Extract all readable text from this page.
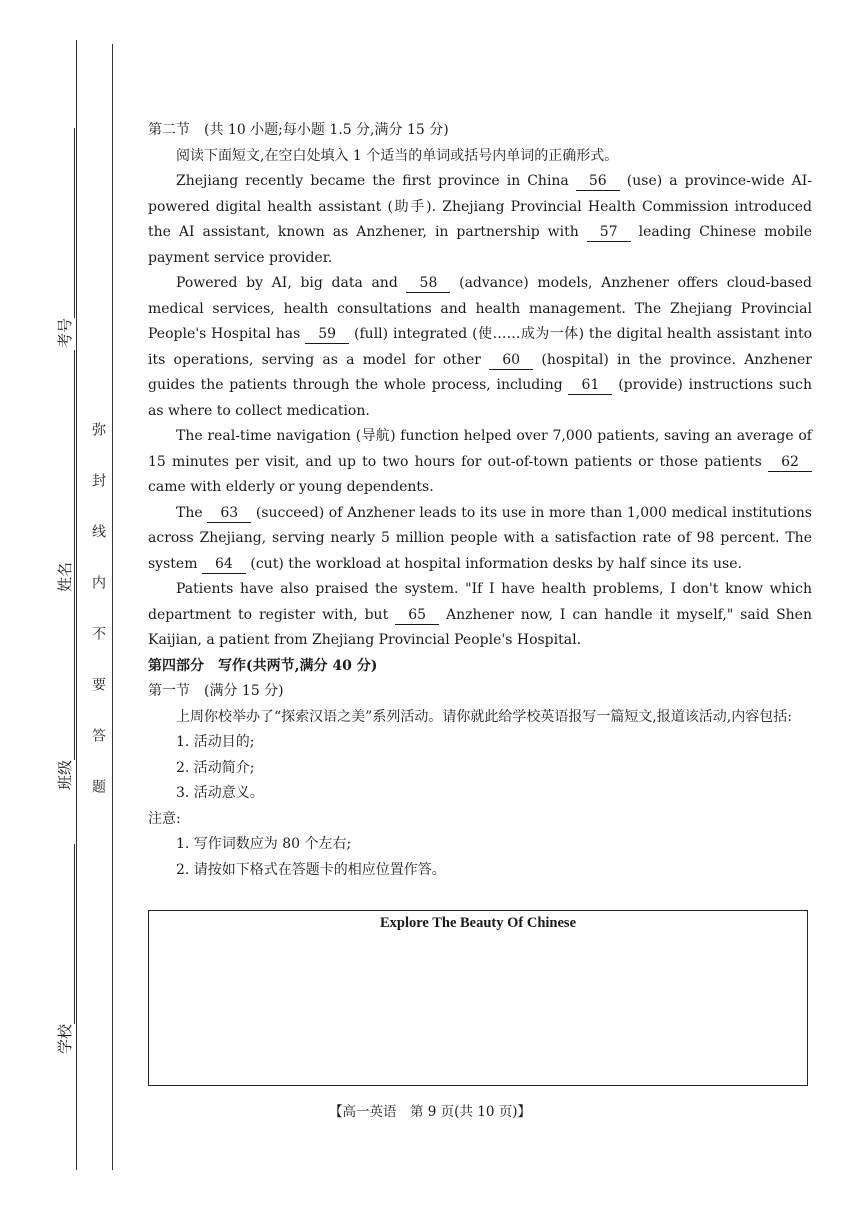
考号
姓名
班级
学校
弥封线内不要答题

第二节　(共 10 小题;每小题 1.5 分,满分 15 分)

阅读下面短文,在空白处填入 1 个适当的单词或括号内单词的正确形式。

Zhejiang recently became the first province in China 56 (use) a province-wide AI-powered digital health assistant (助手). Zhejiang Provincial Health Commission introduced the AI assistant, known as Anzhener, in partnership with 57 leading Chinese mobile payment service provider.

Powered by AI, big data and 58 (advance) models, Anzhener offers cloud-based medical services, health consultations and health management. The Zhejiang Provincial People's Hospital has 59 (full) integrated (使……成为一体) the digital health assistant into its operations, serving as a model for other 60 (hospital) in the province. Anzhener guides the patients through the whole process, including 61 (provide) instructions such as where to collect medication.

The real-time navigation (导航) function helped over 7,000 patients, saving an average of 15 minutes per visit, and up to two hours for out-of-town patients or those patients 62 came with elderly or young dependents.

The 63 (succeed) of Anzhener leads to its use in more than 1,000 medical institutions across Zhejiang, serving nearly 5 million people with a satisfaction rate of 98 percent. The system 64 (cut) the workload at hospital information desks by half since its use.

Patients have also praised the system. "If I have health problems, I don't know which department to register with, but 65 Anzhener now, I can handle it myself," said Shen Kaijian, a patient from Zhejiang Provincial People's Hospital.

第四部分　写作(共两节,满分 40 分)

第一节　(满分 15 分)

上周你校举办了“探索汉语之美”系列活动。请你就此给学校英语报写一篇短文,报道该活动,内容包括:

1. 活动目的;

2. 活动简介;

3. 活动意义。

注意:

1. 写作词数应为 80 个左右;

2. 请按如下格式在答题卡的相应位置作答。

Explore The Beauty Of Chinese
【高一英语　第 9 页(共 10 页)】
